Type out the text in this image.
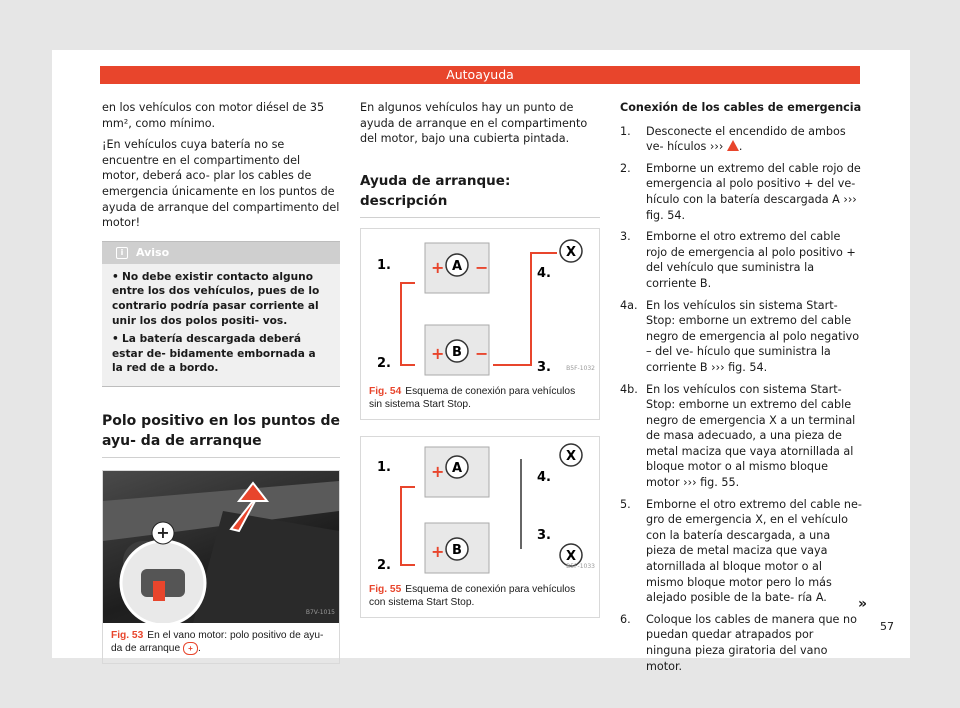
Autoayuda

en los vehículos con motor diésel de 35 mm², como mínimo.

¡En vehículos cuya batería no se encuentre en el compartimento del motor, deberá aco- plar los cables de emergencia únicamente en los puntos de ayuda de arranque del compartimento del motor!

i Aviso

• No debe existir contacto alguno entre los dos vehículos, pues de lo contrario podría pasar corriente al unir los dos polos positi- vos.

• La batería descargada deberá estar de- bidamente embornada a la red de a bordo.

Polo positivo en los puntos de ayu- da de arranque
+
B7V-1015
Fig. 53 En el vano motor: polo positivo de ayu- da de arranque + .

En algunos vehículos hay un punto de ayuda de arranque en el compartimento del motor, bajo una cubierta pintada.

Ayuda de arranque: descripción
A
B
+ −
+ −
X
1.
2.	3.
4.
B5F-1032
Fig. 54 Esquema de conexión para vehículos sin sistema Start Stop.
A
B
+
+
X
X
1.
2.
3.
4.
B5F-1033
Fig. 55 Esquema de conexión para vehículos con sistema Start Stop.
Conexión de los cables de emergencia
1. Desconecte el encendido de ambos ve- hículos ››› .
2. Emborne un extremo del cable rojo de emergencia al polo positivo + del ve- hículo con la batería descargada A ››› fig. 54.
3. Emborne el otro extremo del cable rojo de emergencia al polo positivo + del vehículo que suministra la corriente B.
4a. En los vehículos sin sistema Start-Stop: emborne un extremo del cable negro de emergencia al polo negativo – del ve- hículo que suministra la corriente B ››› fig. 54.
4b. En los vehículos con sistema Start-Stop: emborne un extremo del cable negro de emergencia X a un terminal de masa adecuado, a una pieza de metal maciza que vaya atornillada al bloque motor o al mismo bloque motor ››› fig. 55.
5. Emborne el otro extremo del cable ne- gro de emergencia X, en el vehículo con la batería descargada, a una pieza de metal maciza que vaya atornillada al bloque motor o al mismo bloque motor pero lo más alejado posible de la bate- ría A.
6. Coloque los cables de manera que no puedan quedar atrapados por ninguna pieza giratoria del vano motor.
»
57
